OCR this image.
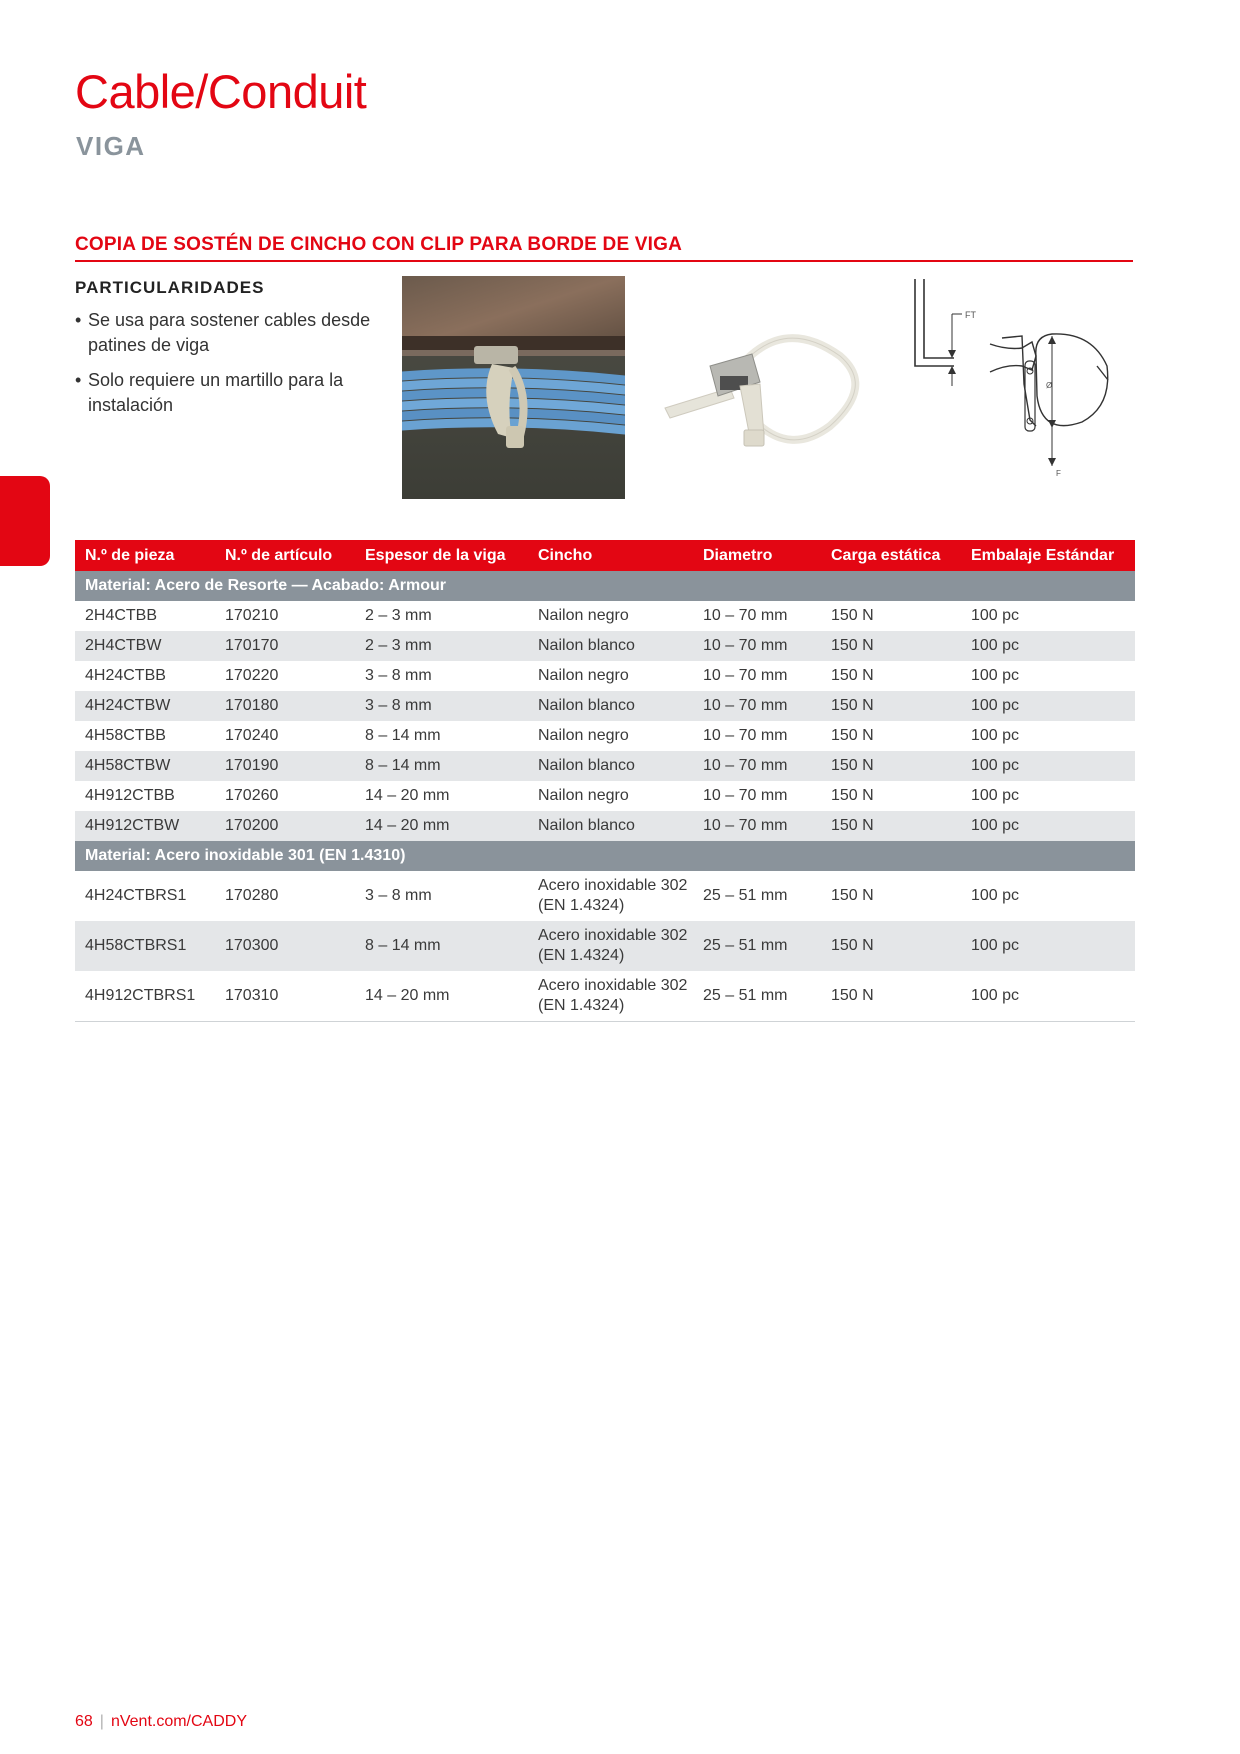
Cable/Conduit
VIGA
COPIA DE SOSTÉN DE CINCHO CON CLIP PARA BORDE DE VIGA
PARTICULARIDADES
• Se usa para sostener cables desde patines de viga
• Solo requiere un martillo para la instalación
FT
Ø
F
N.º de pieza	N.º de artículo	Espesor de la viga	Cincho	Diametro	Carga estática	Embalaje Estándar
Material: Acero de Resorte — Acabado: Armour						
2H4CTBB	170210	2 – 3 mm	Nailon negro	10 – 70 mm	150 N	100 pc
2H4CTBW	170170	2 – 3 mm	Nailon blanco	10 – 70 mm	150 N	100 pc
4H24CTBB	170220	3 – 8 mm	Nailon negro	10 – 70 mm	150 N	100 pc
4H24CTBW	170180	3 – 8 mm	Nailon blanco	10 – 70 mm	150 N	100 pc
4H58CTBB	170240	8 – 14 mm	Nailon negro	10 – 70 mm	150 N	100 pc
4H58CTBW	170190	8 – 14 mm	Nailon blanco	10 – 70 mm	150 N	100 pc
4H912CTBB	170260	14 – 20 mm	Nailon negro	10 – 70 mm	150 N	100 pc
4H912CTBW	170200	14 – 20 mm	Nailon blanco	10 – 70 mm	150 N	100 pc
Material: Acero inoxidable 301 (EN 1.4310)						
4H24CTBRS1	170280	3 – 8 mm	Acero inoxidable 302 (EN 1.4324)	25 – 51 mm	150 N	100 pc
4H58CTBRS1	170300	8 – 14 mm	Acero inoxidable 302 (EN 1.4324)	25 – 51 mm	150 N	100 pc
4H912CTBRS1	170310	14 – 20 mm	Acero inoxidable 302 (EN 1.4324)	25 – 51 mm	150 N	100 pc
68 | nVent.com/CADDY
